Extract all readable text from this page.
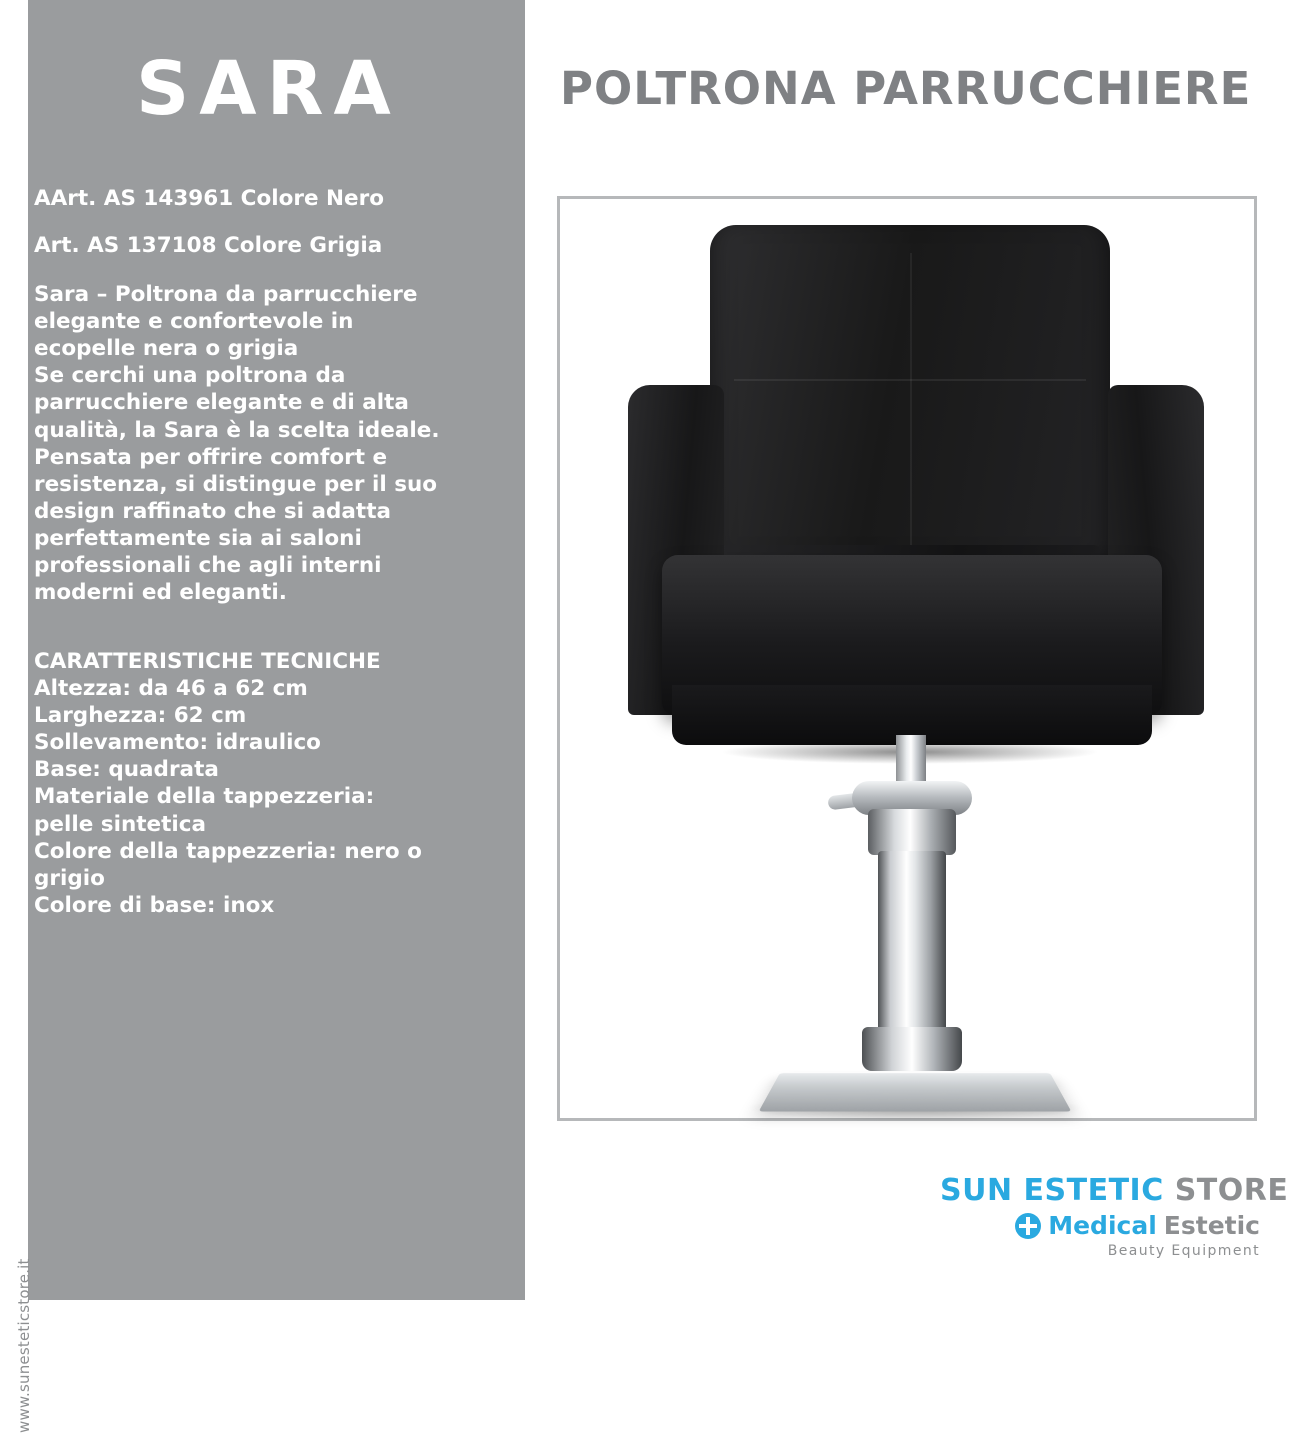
www.sunesteticstore.it
SARA
AArt. AS 143961 Colore Nero
Art. AS 137108 Colore Grigia

Sara – Poltrona da parrucchiere

elegante e confortevole in

ecopelle nera o grigia

Se cerchi una poltrona da

parrucchiere elegante e di alta

qualità, la Sara è la scelta ideale.

Pensata per offrire comfort e

resistenza, si distingue per il suo

design raffinato che si adatta

perfettamente sia ai saloni

professionali che agli interni

moderni ed eleganti.

CARATTERISTICHE TECNICHE
Altezza: da 46 a 62 cm
Larghezza: 62 cm
Sollevamento: idraulico
Base: quadrata
Materiale della tappezzeria:
pelle sintetica
Colore della tappezzeria: nero o
grigio
Colore di base: inox
POLTRONA PARRUCCHIERE
SUN ESTETIC STORE
Medical Estetic
Beauty Equipment
